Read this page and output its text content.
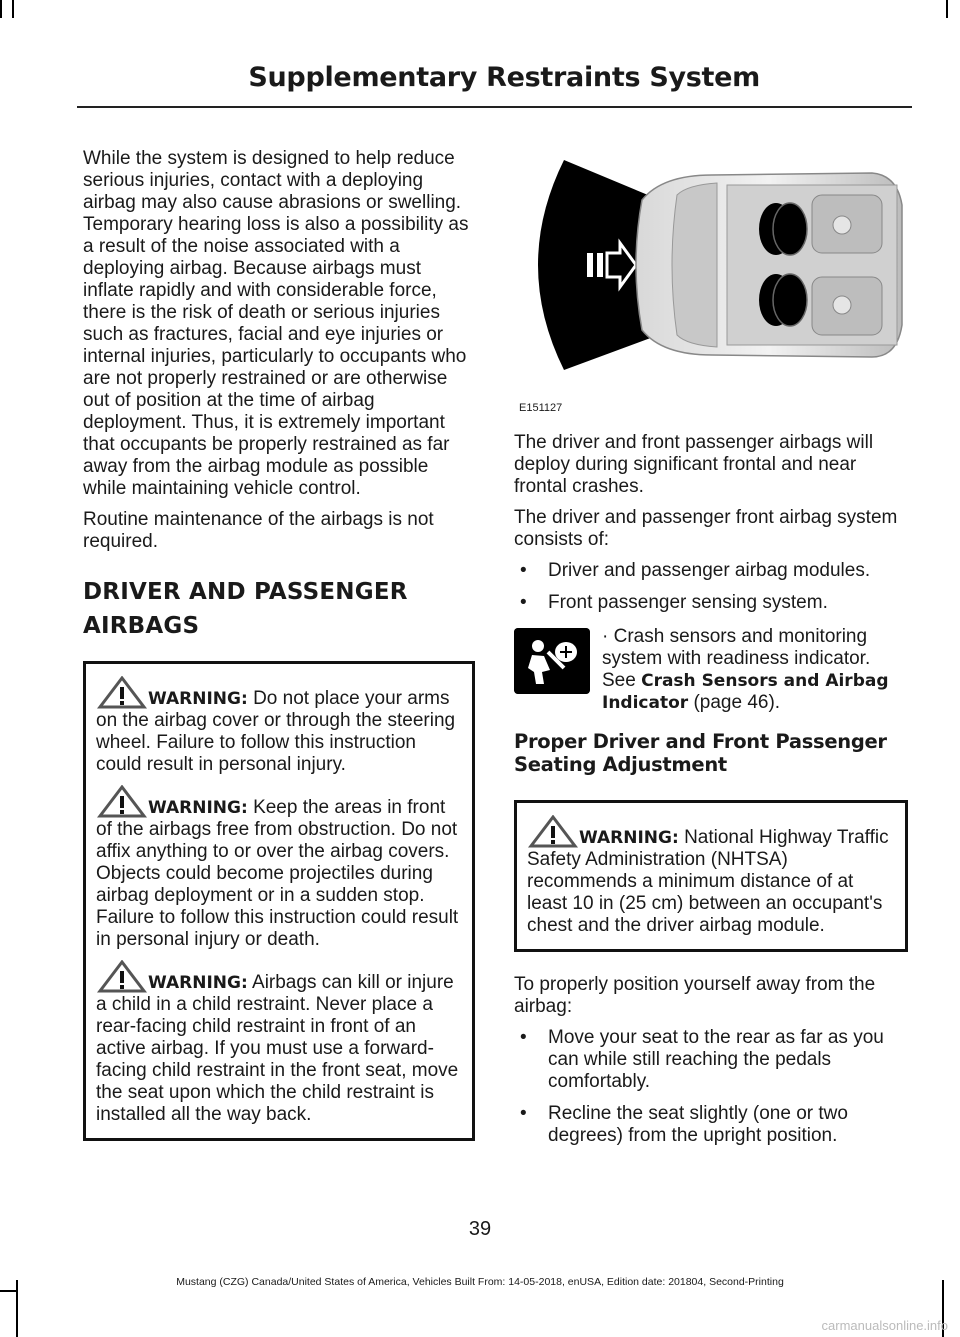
Supplementary Restraints System

While the system is designed to help reduce serious injuries, contact with a deploying airbag may also cause abrasions or swelling. Temporary hearing loss is also a possibility as a result of the noise associated with a deploying airbag. Because airbags must inflate rapidly and with considerable force, there is the risk of death or serious injuries such as fractures, facial and eye injuries or internal injuries, particularly to occupants who are not properly restrained or are otherwise out of position at the time of airbag deployment. Thus, it is extremely important that occupants be properly restrained as far away from the airbag module as possible while maintaining vehicle control.

Routine maintenance of the airbags is not required.

DRIVER AND PASSENGER
AIRBAGS

WARNING: Do not place your arms on the airbag cover or through the steering wheel. Failure to follow this instruction could result in personal injury.

WARNING: Keep the areas in front of the airbags free from obstruction. Do not affix anything to or over the airbag covers. Objects could become projectiles during airbag deployment or in a sudden stop. Failure to follow this instruction could result in personal injury or death.

WARNING: Airbags can kill or injure a child in a child restraint. Never place a rear-facing child restraint in front of an active airbag. If you must use a forward-facing child restraint in the front seat, move the seat upon which the child restraint is installed all the way back.

E151127

The driver and front passenger airbags will deploy during significant frontal and near frontal crashes.

The driver and passenger front airbag system consists of:

• Driver and passenger airbag modules.
• Front passenger sensing system.
· Crash sensors and monitoring system with readiness indicator. See Crash Sensors and Airbag Indicator (page 46).
Proper Driver and Front Passenger Seating Adjustment

WARNING: National Highway Traffic Safety Administration (NHTSA) recommends a minimum distance of at least 10 in (25 cm) between an occupant's chest and the driver airbag module.

To properly position yourself away from the airbag:

• Move your seat to the rear as far as you can while still reaching the pedals comfortably.
• Recline the seat slightly (one or two degrees) from the upright position.
39
Mustang (CZG) Canada/United States of America, Vehicles Built From: 14-05-2018, enUSA, Edition date: 201804, Second-Printing
carmanualsonline.info
